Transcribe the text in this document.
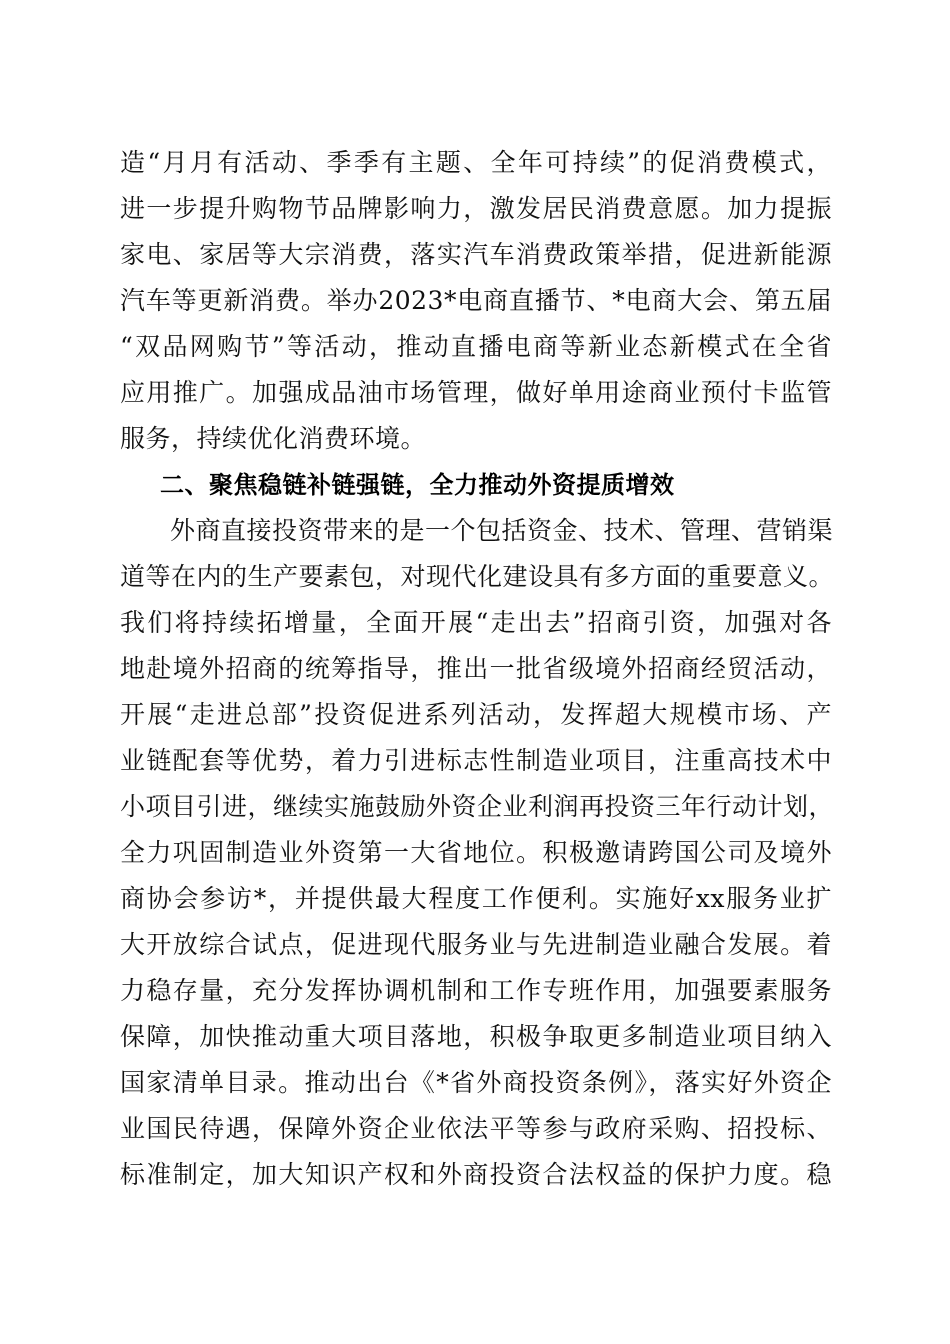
造“月月有活动、季季有主题、全年可持续”的促消费模式，
进一步提升购物节品牌影响力，激发居民消费意愿。加力提振
家电、家居等大宗消费，落实汽车消费政策举措，促进新能源
汽车等更新消费。举办2023*电商直播节、*电商大会、第五届
“双品网购节”等活动，推动直播电商等新业态新模式在全省
应用推广。加强成品油市场管理，做好单用途商业预付卡监管
服务，持续优化消费环境。
二、聚焦稳链补链强链，全力推动外资提质增效
外商直接投资带来的是一个包括资金、技术、管理、营销渠
道等在内的生产要素包，对现代化建设具有多方面的重要意义。
我们将持续拓增量，全面开展“走出去”招商引资，加强对各
地赴境外招商的统筹指导，推出一批省级境外招商经贸活动，
开展“走进总部”投资促进系列活动，发挥超大规模市场、产
业链配套等优势，着力引进标志性制造业项目，注重高技术中
小项目引进，继续实施鼓励外资企业利润再投资三年行动计划，
全力巩固制造业外资第一大省地位。积极邀请跨国公司及境外
商协会参访*，并提供最大程度工作便利。实施好xx服务业扩
大开放综合试点，促进现代服务业与先进制造业融合发展。着
力稳存量，充分发挥协调机制和工作专班作用，加强要素服务
保障，加快推动重大项目落地，积极争取更多制造业项目纳入
国家清单目录。推动出台《*省外商投资条例》，落实好外资企
业国民待遇，保障外资企业依法平等参与政府采购、招投标、
标准制定，加大知识产权和外商投资合法权益的保护力度。稳
